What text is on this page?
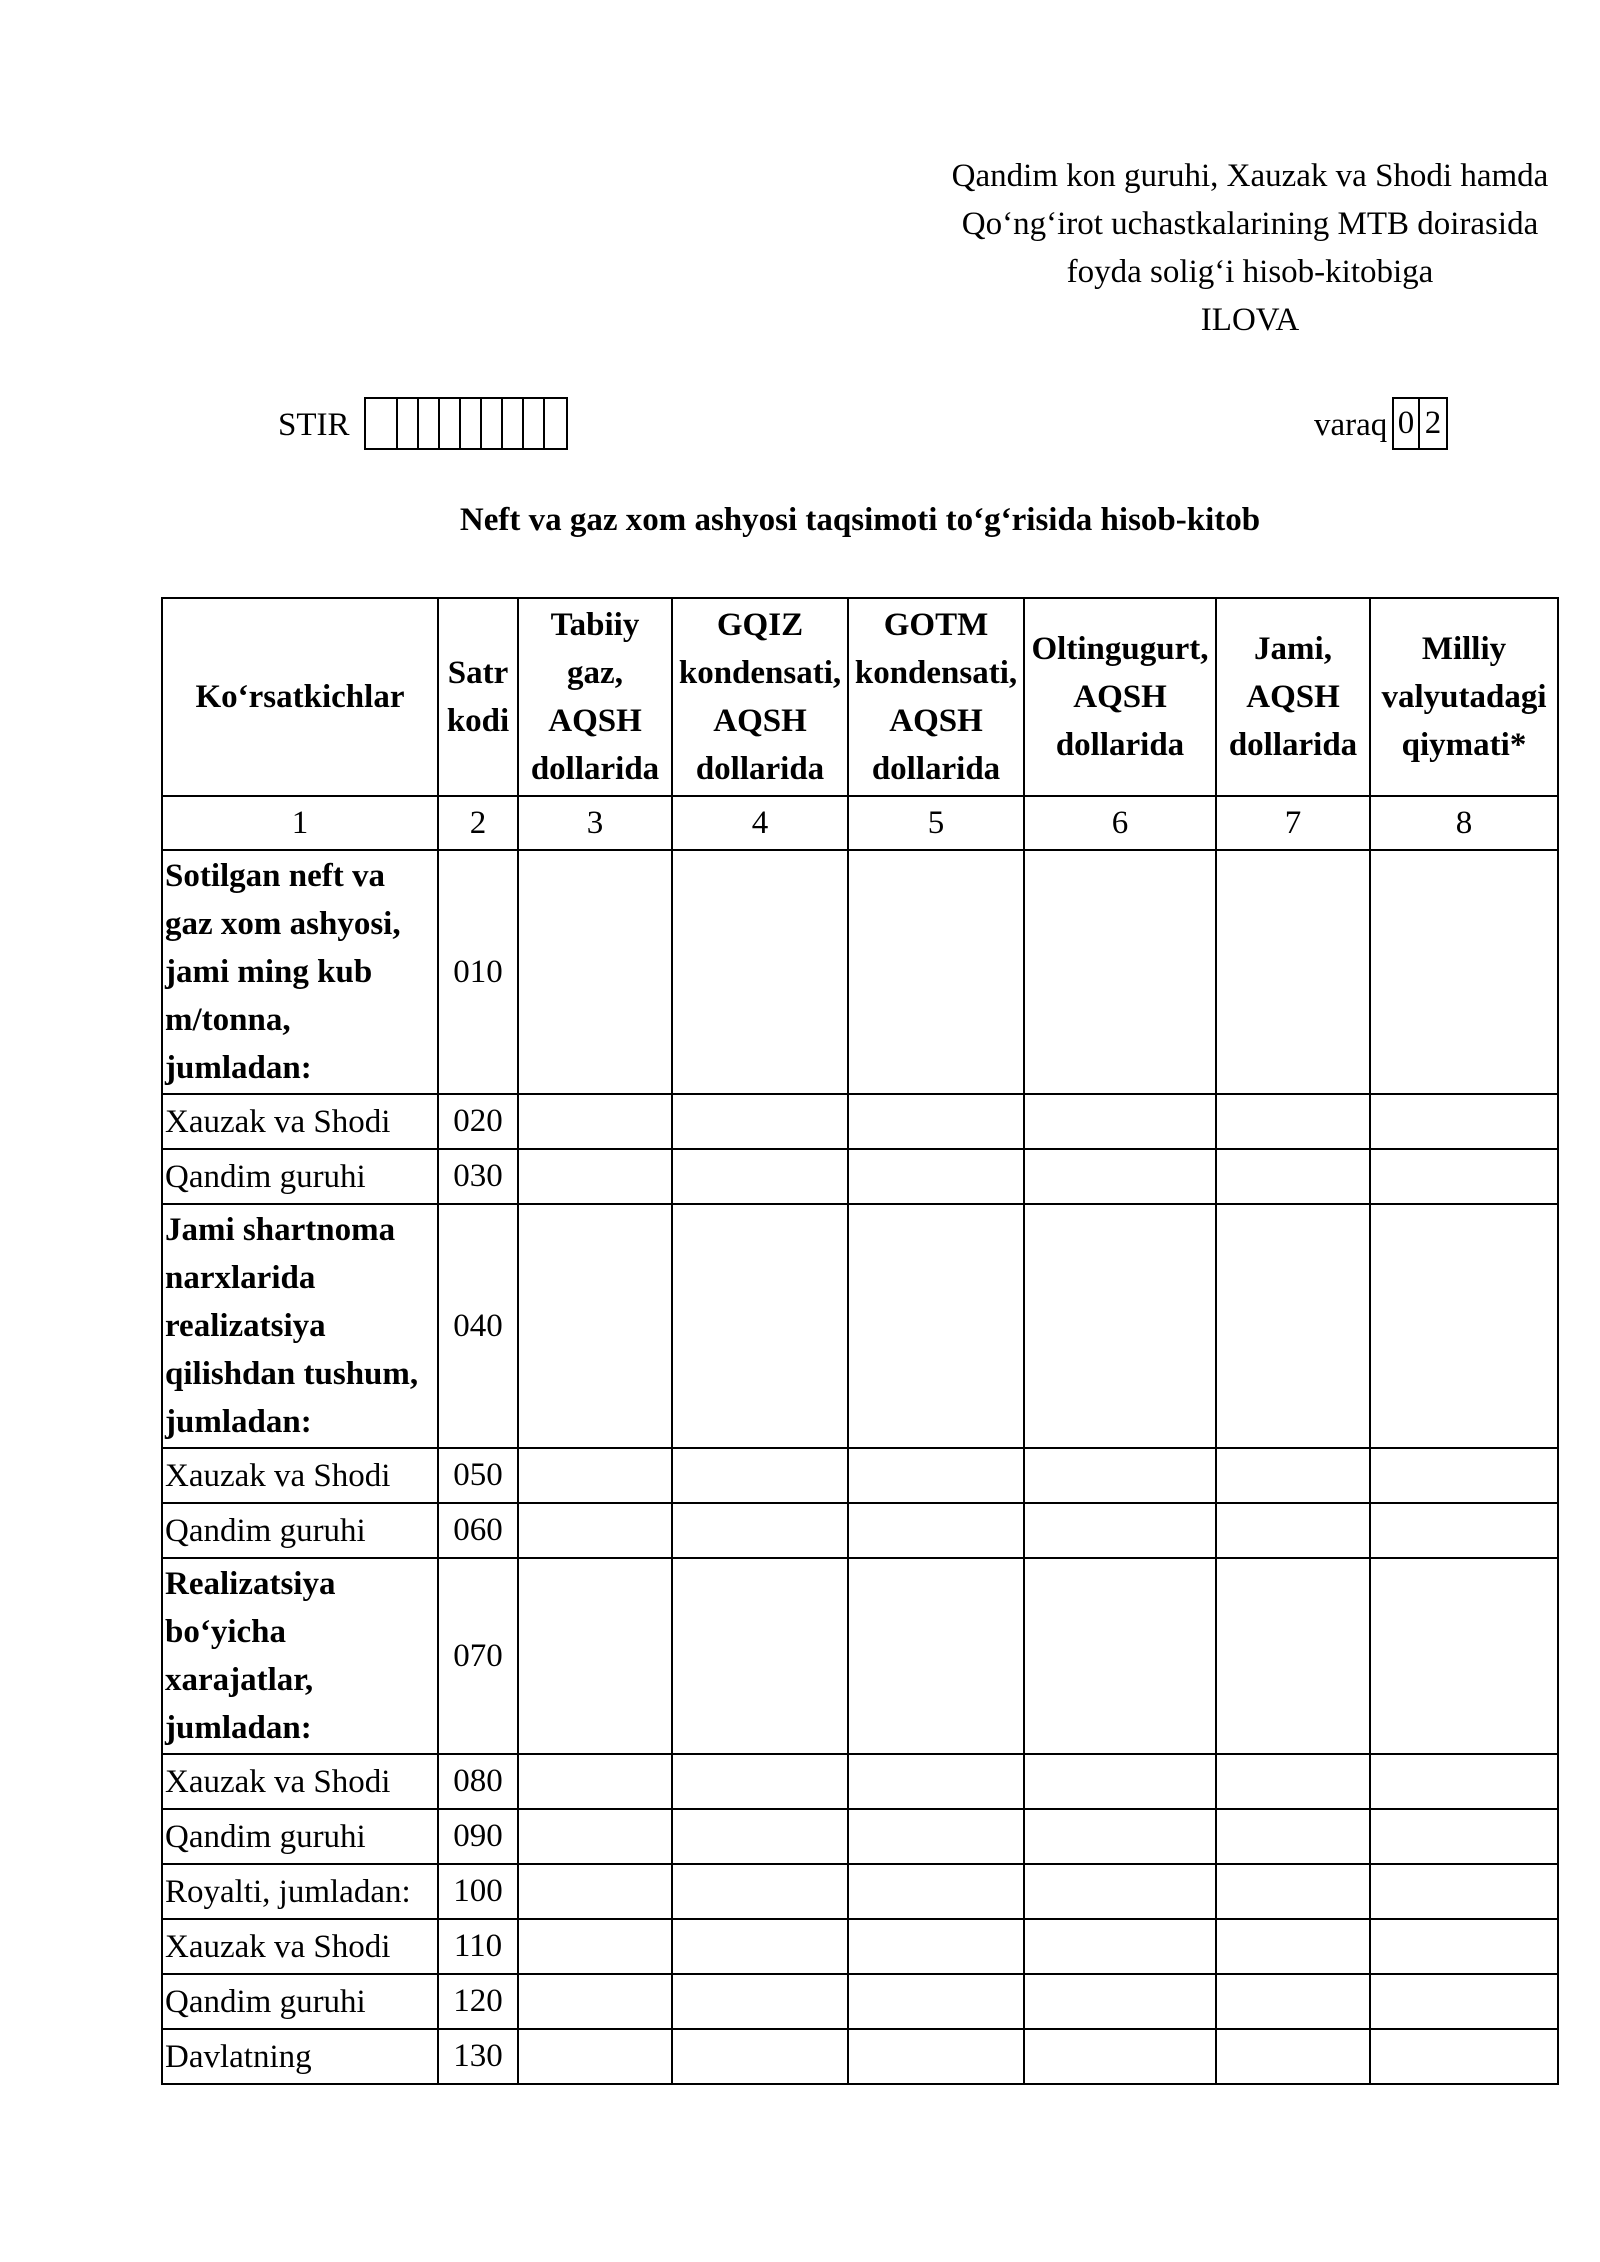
Qandim kon guruhi, Xauzak va Shodi hamda
Qo‘ng‘irot uchastkalarining MTB doirasida
foyda solig‘i hisob-kitobiga
ILOVA
STIR	varaq 0 2
Neft va gaz xom ashyosi taqsimoti to‘g‘risida hisob-kitob
Ko‘rsatkichlar	Satr kodi	Tabiiy gaz, AQSH dollarida	GQIZ kondensati, AQSH dollarida	GOTM kondensati, AQSH dollarida	Oltingugurt, AQSH dollarida	Jami, AQSH dollarida	Milliy valyutadagi qiymati*
1	2	3	4	5	6	7	8
Sotilgan neft va gaz xom ashyosi, jami ming kub m/tonna, jumladan:	010						
Xauzak va Shodi	020						
Qandim guruhi	030						
Jami shartnoma narxlarida realizatsiya qilishdan tushum, jumladan:	040						
Xauzak va Shodi	050						
Qandim guruhi	060						
Realizatsiya bo‘yicha xarajatlar, jumladan:	070						
Xauzak va Shodi	080						
Qandim guruhi	090						
Royalti, jumladan:	100						
Xauzak va Shodi	110						
Qandim guruhi	120						
Davlatning	130						
